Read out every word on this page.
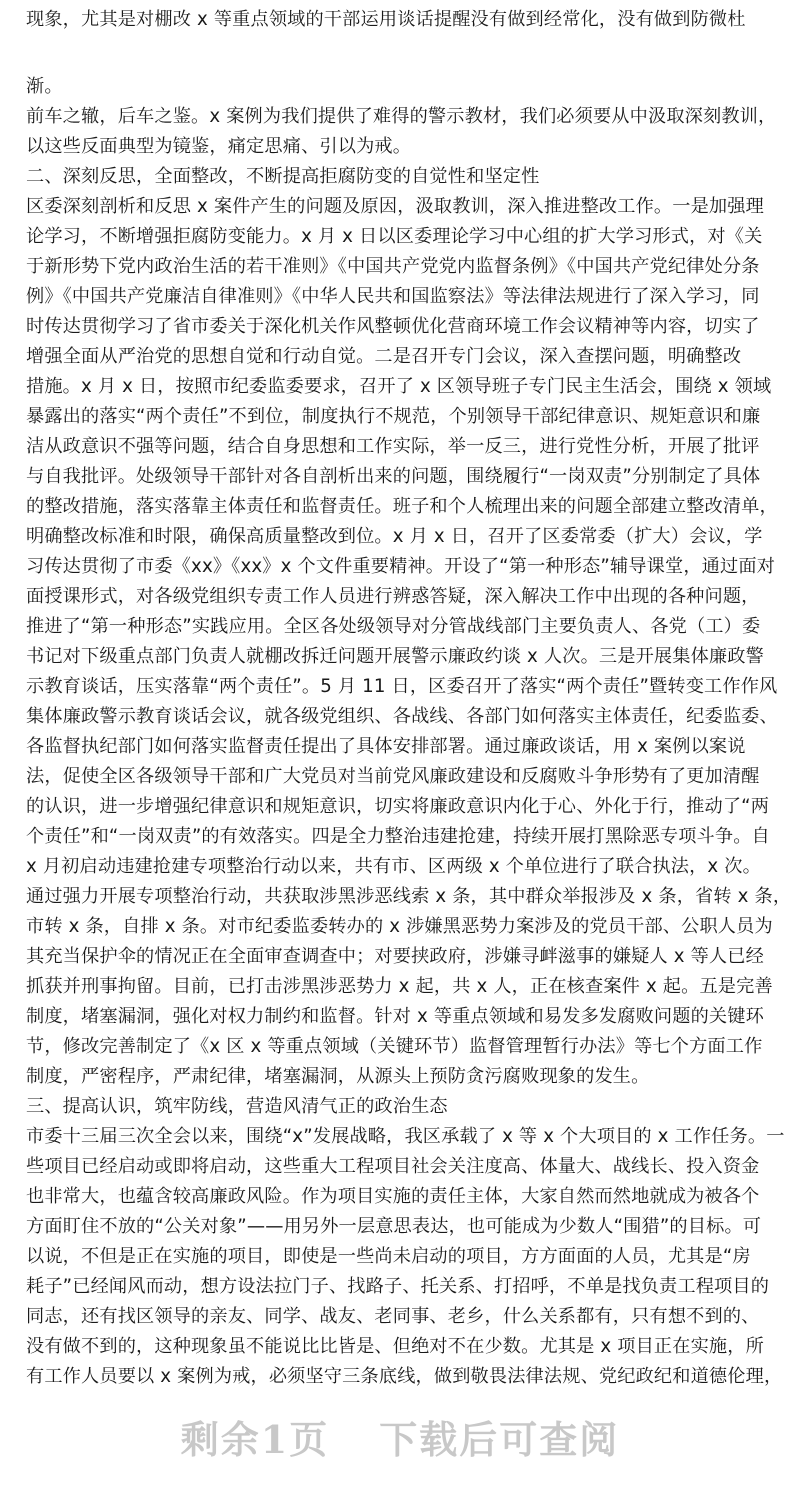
现象，尤其是对棚改 x 等重点领域的干部运用谈话提醒没有做到经常化，没有做到防微杜

渐。

前车之辙，后车之鉴。x 案例为我们提供了难得的警示教材，我们必须要从中汲取深刻教训，

以这些反面典型为镜鉴，痛定思痛、引以为戒。

二、深刻反思，全面整改，不断提高拒腐防变的自觉性和坚定性

区委深刻剖析和反思 x 案件产生的问题及原因，汲取教训，深入推进整改工作。一是加强理

论学习，不断增强拒腐防变能力。x 月 x 日以区委理论学习中心组的扩大学习形式，对《关

于新形势下党内政治生活的若干准则》《中国共产党党内监督条例》《中国共产党纪律处分条

例》《中国共产党廉洁自律准则》《中华人民共和国监察法》等法律法规进行了深入学习，同

时传达贯彻学习了省市委关于深化机关作风整顿优化营商环境工作会议精神等内容，切实了

增强全面从严治党的思想自觉和行动自觉。二是召开专门会议，深入查摆问题，明确整改

措施。x 月 x 日，按照市纪委监委要求，召开了 x 区领导班子专门民主生活会，围绕 x 领域

暴露出的落实“两个责任”不到位，制度执行不规范，个别领导干部纪律意识、规矩意识和廉

洁从政意识不强等问题，结合自身思想和工作实际，举一反三，进行党性分析，开展了批评

与自我批评。处级领导干部针对各自剖析出来的问题，围绕履行“一岗双责”分别制定了具体

的整改措施，落实落靠主体责任和监督责任。班子和个人梳理出来的问题全部建立整改清单，

明确整改标准和时限，确保高质量整改到位。x 月 x 日，召开了区委常委（扩大）会议，学

习传达贯彻了市委《xx》《xx》x 个文件重要精神。开设了“第一种形态”辅导课堂，通过面对

面授课形式，对各级党组织专责工作人员进行辨惑答疑，深入解决工作中出现的各种问题，

推进了“第一种形态”实践应用。全区各处级领导对分管战线部门主要负责人、各党（工）委

书记对下级重点部门负责人就棚改拆迁问题开展警示廉政约谈 x 人次。三是开展集体廉政警

示教育谈话，压实落靠“两个责任”。5 月 11 日，区委召开了落实“两个责任”暨转变工作作风

集体廉政警示教育谈话会议，就各级党组织、各战线、各部门如何落实主体责任，纪委监委、

各监督执纪部门如何落实监督责任提出了具体安排部署。通过廉政谈话，用 x 案例以案说

法，促使全区各级领导干部和广大党员对当前党风廉政建设和反腐败斗争形势有了更加清醒

的认识，进一步增强纪律意识和规矩意识，切实将廉政意识内化于心、外化于行，推动了“两

个责任”和“一岗双责”的有效落实。四是全力整治违建抢建，持续开展打黑除恶专项斗争。自

x 月初启动违建抢建专项整治行动以来，共有市、区两级 x 个单位进行了联合执法，x 次。

通过强力开展专项整治行动，共获取涉黑涉恶线索 x 条，其中群众举报涉及 x 条，省转 x 条，

市转 x 条，自排 x 条。对市纪委监委转办的 x 涉嫌黑恶势力案涉及的党员干部、公职人员为

其充当保护伞的情况正在全面审查调查中；对要挟政府，涉嫌寻衅滋事的嫌疑人 x 等人已经

抓获并刑事拘留。目前，已打击涉黑涉恶势力 x 起，共 x 人，正在核查案件 x 起。五是完善

制度，堵塞漏洞，强化对权力制约和监督。针对 x 等重点领域和易发多发腐败问题的关键环

节，修改完善制定了《x 区 x 等重点领域（关键环节）监督管理暂行办法》等七个方面工作

制度，严密程序，严肃纪律，堵塞漏洞，从源头上预防贪污腐败现象的发生。

三、提高认识，筑牢防线，营造风清气正的政治生态

市委十三届三次全会以来，围绕“x”发展战略，我区承载了 x 等 x 个大项目的 x 工作任务。一

些项目已经启动或即将启动，这些重大工程项目社会关注度高、体量大、战线长、投入资金

也非常大，也蕴含较高廉政风险。作为项目实施的责任主体，大家自然而然地就成为被各个

方面盯住不放的“公关对象”——用另外一层意思表达，也可能成为少数人“围猎”的目标。可

以说，不但是正在实施的项目，即使是一些尚未启动的项目，方方面面的人员，尤其是“房

耗子”已经闻风而动，想方设法拉门子、找路子、托关系、打招呼，不单是找负责工程项目的

同志，还有找区领导的亲友、同学、战友、老同事、老乡，什么关系都有，只有想不到的、

没有做不到的，这种现象虽不能说比比皆是、但绝对不在少数。尤其是 x 项目正在实施，所

有工作人员要以 x 案例为戒，必须坚守三条底线，做到敬畏法律法规、党纪政纪和道德伦理，

剩余1页 下载后可查阅
